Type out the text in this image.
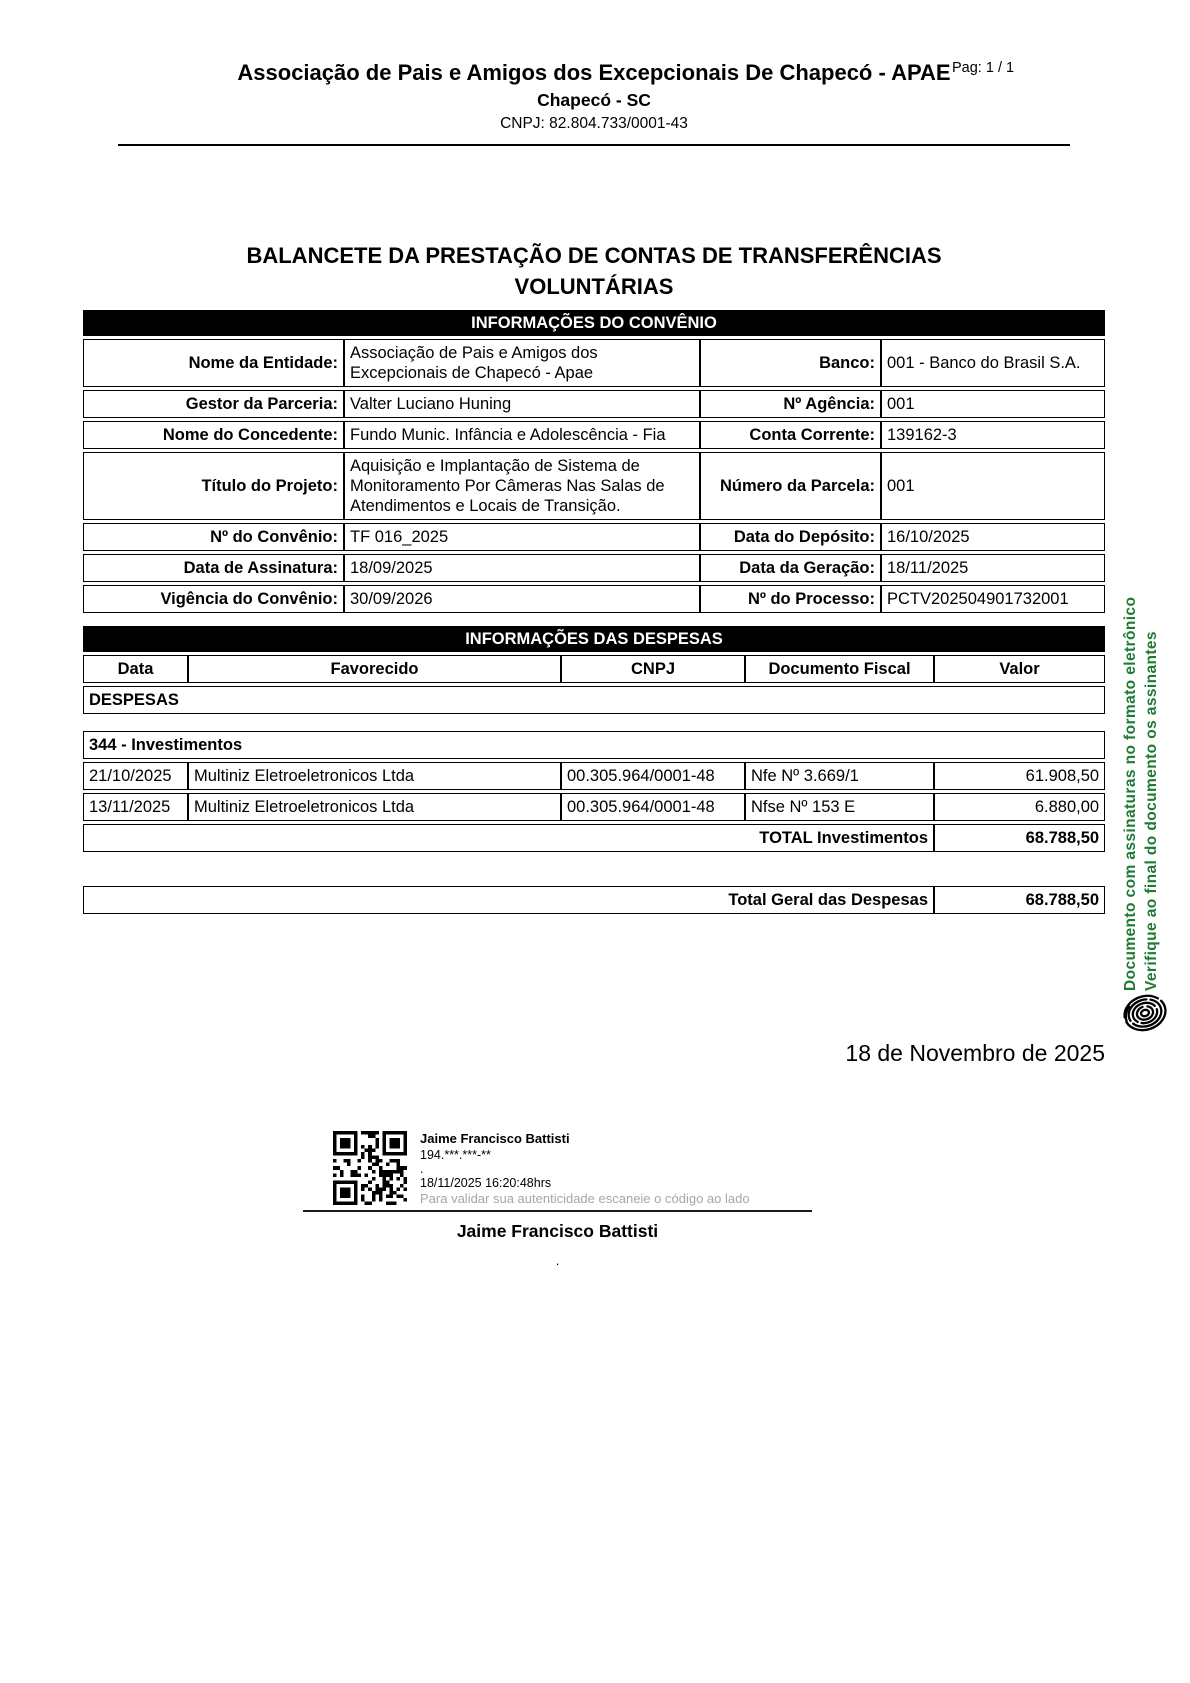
Pag: 1 / 1
Associação de Pais e Amigos dos Excepcionais De Chapecó - APAE
Chapecó - SC
CNPJ: 82.804.733/0001-43
BALANCETE DA PRESTAÇÃO DE CONTAS DE TRANSFERÊNCIAS VOLUNTÁRIAS
INFORMAÇÕES DO CONVÊNIO
Nome da Entidade:	Associação de Pais e Amigos dos Excepcionais de Chapecó - Apae	Banco:	001 - Banco do Brasil S.A.
Gestor da Parceria:	Valter Luciano Huning	Nº Agência:	001
Nome do Concedente:	Fundo Munic. Infância e Adolescência - Fia	Conta Corrente:	139162-3
Título do Projeto:	Aquisição e Implantação de Sistema de Monitoramento Por Câmeras Nas Salas de Atendimentos e Locais de Transição.	Número da Parcela:	001
Nº do Convênio:	TF 016_2025	Data do Depósito:	16/10/2025
Data de Assinatura:	18/09/2025	Data da Geração:	18/11/2025
Vigência do Convênio:	30/09/2026	Nº do Processo:	PCTV202504901732001
INFORMAÇÕES DAS DESPESAS
Data	Favorecido	CNPJ	Documento Fiscal	Valor
DESPESAS
344 - Investimentos				
21/10/2025	Multiniz Eletroeletronicos Ltda	00.305.964/0001-48	Nfe Nº 3.669/1	61.908,50
13/11/2025	Multiniz Eletroeletronicos Ltda	00.305.964/0001-48	Nfse Nº 153 E	6.880,00
TOTAL Investimentos				68.788,50
Total Geral das Despesas	68.788,50
18 de Novembro de 2025
Jaime Francisco Battisti
194.***.***-**
.
18/11/2025 16:20:48hrs
Para validar sua autenticidade escaneie o código ao lado
Jaime Francisco Battisti
.
Documento com assinaturas no formato eletrônico Verifique ao final do documento os assinantes
